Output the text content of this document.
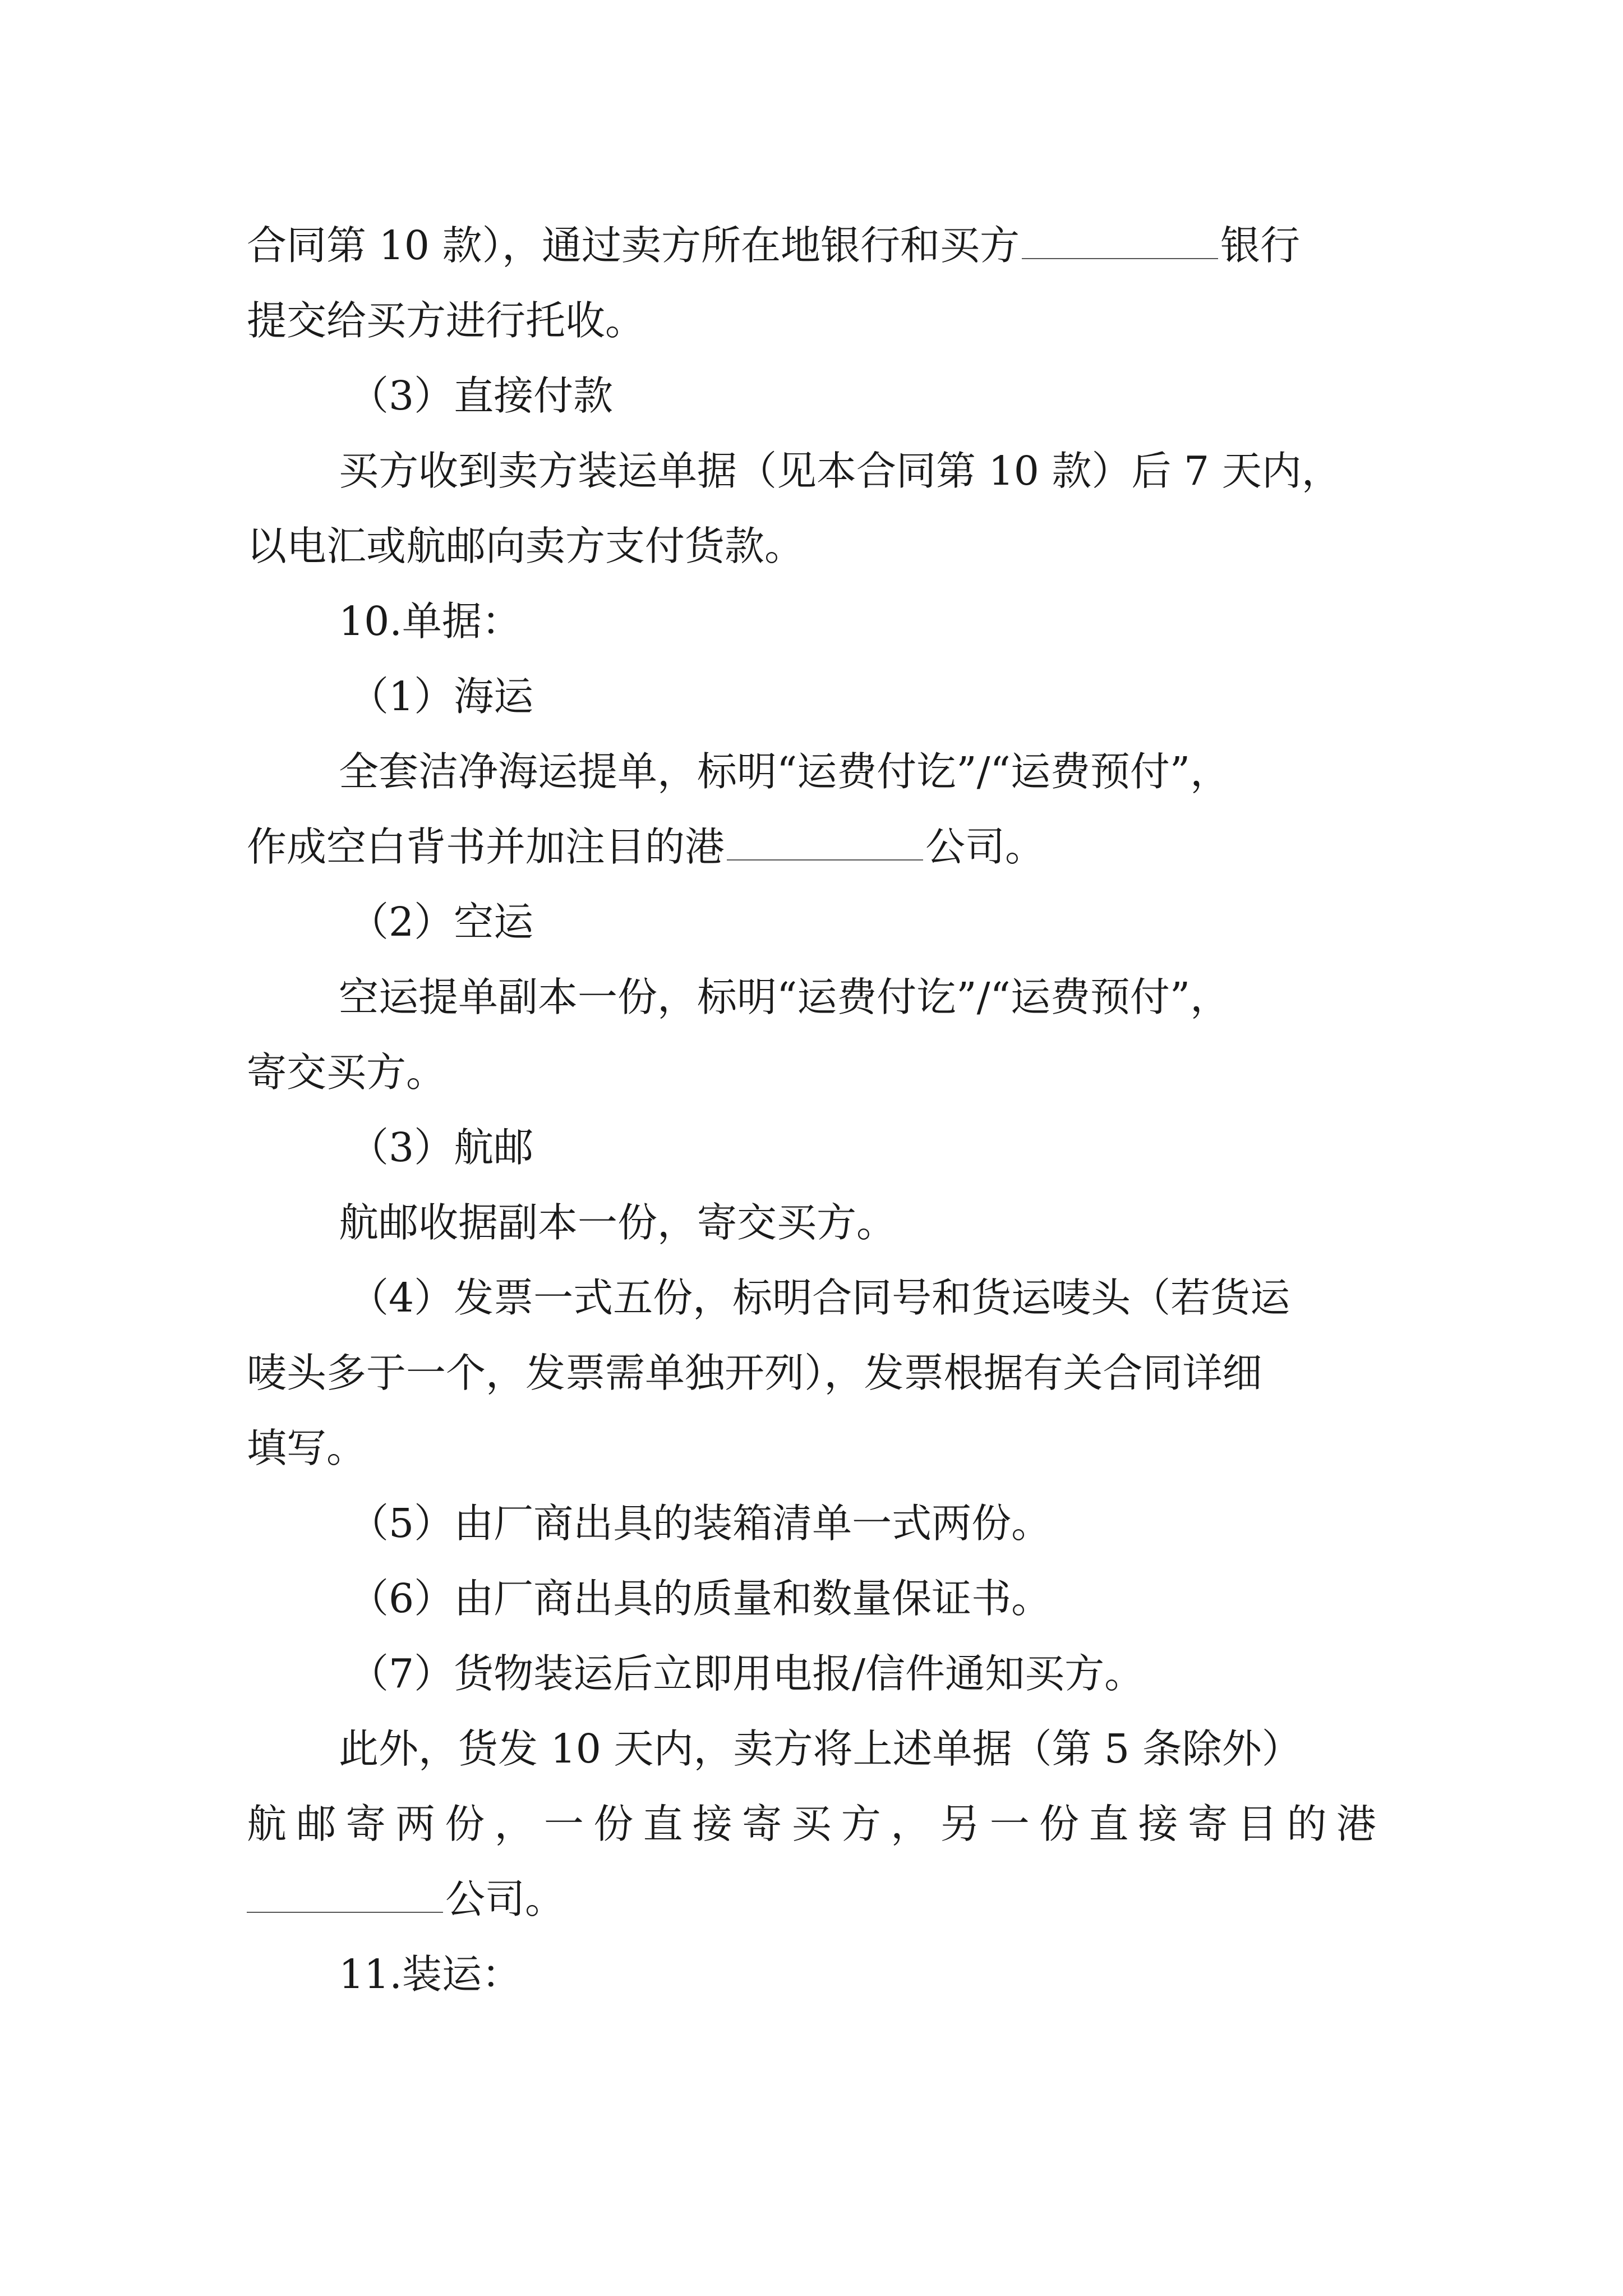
合同第 10 款），通过卖方所在地银行和买方	银行
提交给买方进行托收。
（3）直接付款
买方收到卖方装运单据（见本合同第 10 款）后 7 天内，
以电汇或航邮向卖方支付货款。
10.单据：
（1）海运
全套洁净海运提单，标明“运费付讫”/“运费预付”，
作成空白背书并加注目的港	公司。
（2）空运
空运提单副本一份，标明“运费付讫”/“运费预付”，
寄交买方。
（3）航邮
航邮收据副本一份，寄交买方。
（4）发票一式五份，标明合同号和货运唛头（若货运
唛头多于一个，发票需单独开列），发票根据有关合同详细
填写。
（5）由厂商出具的装箱清单一式两份。
（6）由厂商出具的质量和数量保证书。
（7）货物装运后立即用电报/信件通知买方。
此外，货发 10 天内，卖方将上述单据（第 5 条除外）
航 邮 寄 两 份 ， 一 份 直 接 寄 买 方 ， 另 一 份 直 接 寄 目 的 港
公司。
11.装运：
